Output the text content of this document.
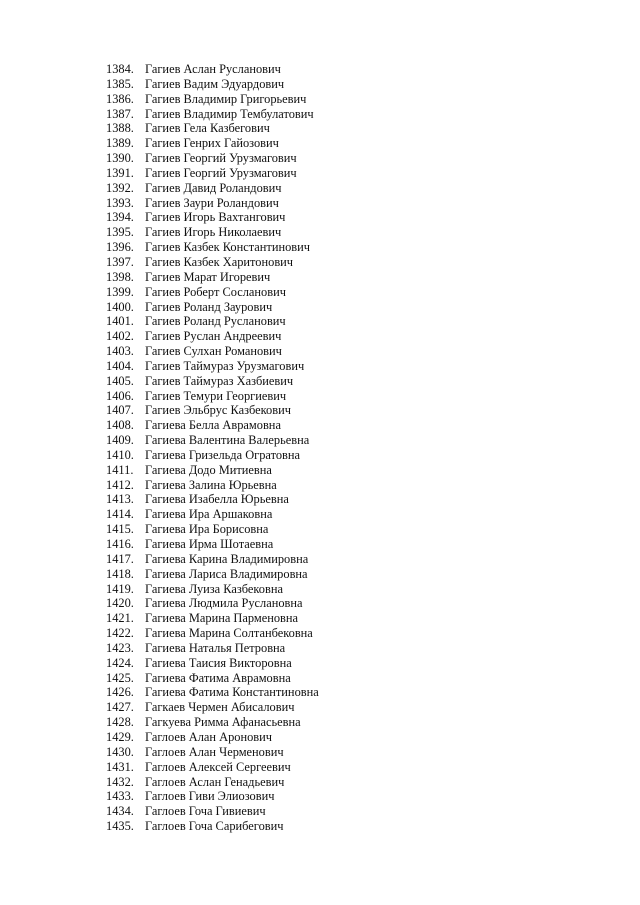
1384. Гагиев Аслан Русланович
1385. Гагиев Вадим Эдуардович
1386. Гагиев Владимир Григорьевич
1387. Гагиев Владимир Тембулатович
1388. Гагиев Гела Казбегович
1389. Гагиев Генрих Гайозович
1390. Гагиев Георгий Урузмагович
1391. Гагиев Георгий Урузмагович
1392. Гагиев Давид Роландович
1393. Гагиев Заури Роландович
1394. Гагиев Игорь Вахтангович
1395. Гагиев Игорь Николаевич
1396. Гагиев Казбек Константинович
1397. Гагиев Казбек Харитонович
1398. Гагиев Марат Игоревич
1399. Гагиев Роберт Сосланович
1400. Гагиев Роланд Заурович
1401. Гагиев Роланд Русланович
1402. Гагиев Руслан Андреевич
1403. Гагиев Сулхан Романович
1404. Гагиев Таймураз Урузмагович
1405. Гагиев Таймураз Хазбиевич
1406. Гагиев Темури Георгиевич
1407. Гагиев Эльбрус Казбекович
1408. Гагиева Белла Аврамовна
1409. Гагиева Валентина Валерьевна
1410. Гагиева Гризельда Огратовна
1411. Гагиева Додо Митиевна
1412. Гагиева Залина Юрьевна
1413. Гагиева Изабелла Юрьевна
1414. Гагиева Ира Аршаковна
1415. Гагиева Ира Борисовна
1416. Гагиева Ирма Шотаевна
1417. Гагиева Карина Владимировна
1418. Гагиева Лариса Владимировна
1419. Гагиева Луиза Казбековна
1420. Гагиева Людмила Руслановна
1421. Гагиева Марина Парменовна
1422. Гагиева Марина Солтанбековна
1423. Гагиева Наталья Петровна
1424. Гагиева Таисия Викторовна
1425. Гагиева Фатима Аврамовна
1426. Гагиева Фатима Константиновна
1427. Гагкаев Чермен Абисалович
1428. Гагкуева Римма Афанасьевна
1429. Гаглоев Алан Аронович
1430. Гаглоев Алан Черменович
1431. Гаглоев Алексей Сергеевич
1432. Гаглоев Аслан Генадьевич
1433. Гаглоев Гиви Элиозович
1434. Гаглоев Гоча Гивиевич
1435. Гаглоев Гоча Сарибегович
